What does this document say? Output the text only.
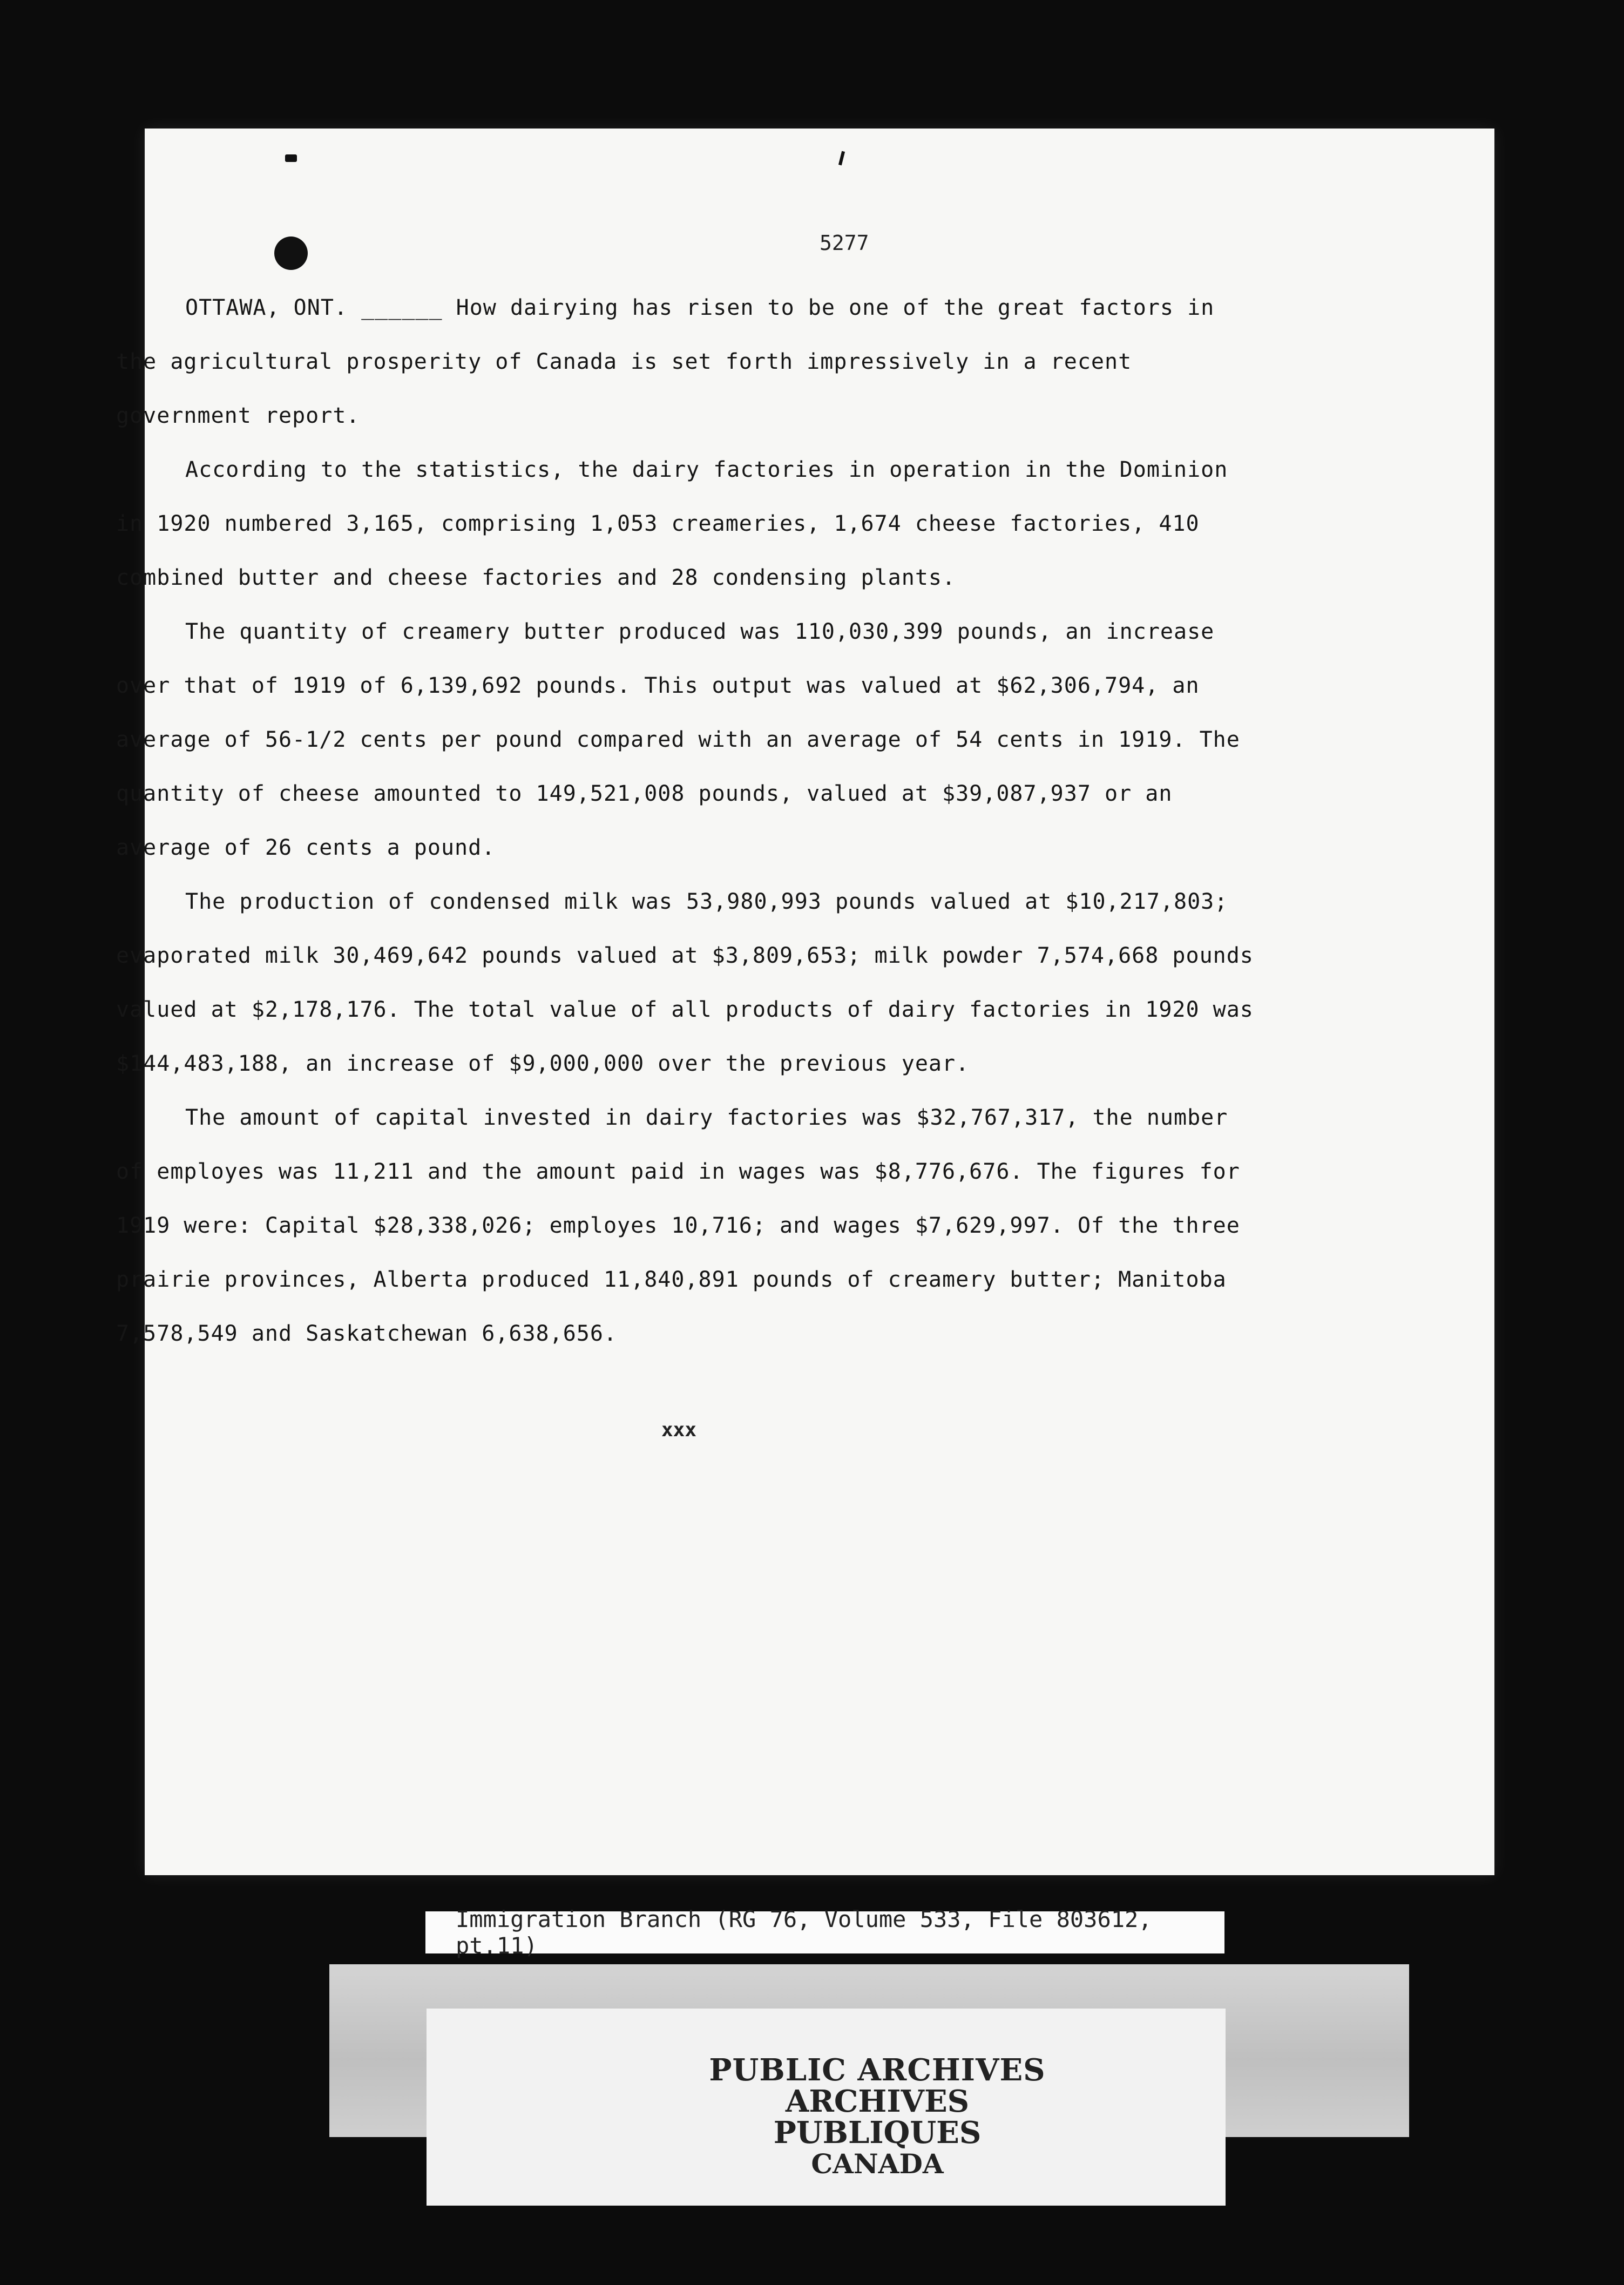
5277

OTTAWA, ONT. ______ How dairying has risen to be one of the great factors in the agricultural prosperity of Canada is set forth impressively in a recent government report.

According to the statistics, the dairy factories in operation in the Dominion in 1920 numbered 3,165, comprising 1,053 creameries, 1,674 cheese factories, 410 combined butter and cheese factories and 28 condensing plants.

The quantity of creamery butter produced was 110,030,399 pounds, an increase over that of 1919 of 6,139,692 pounds. This output was valued at $62,306,794, an average of 56-1/2 cents per pound compared with an average of 54 cents in 1919. The quantity of cheese amounted to 149,521,008 pounds, valued at $39,087,937 or an average of 26 cents a pound.

The production of condensed milk was 53,980,993 pounds valued at $10,217,803; evaporated milk 30,469,642 pounds valued at $3,809,653; milk powder 7,574,668 pounds valued at $2,178,176. The total value of all products of dairy factories in 1920 was $144,483,188, an increase of $9,000,000 over the previous year.

The amount of capital invested in dairy factories was $32,767,317, the number of employes was 11,211 and the amount paid in wages was $8,776,676. The figures for 1919 were: Capital $28,338,026; employes 10,716; and wages $7,629,997. Of the three prairie provinces, Alberta produced 11,840,891 pounds of creamery butter; Manitoba 7,578,549 and Saskatchewan 6,638,656.

xxx
Immigration Branch (RG 76, Volume 533, File 803612, pt.11)
PUBLIC ARCHIVES
ARCHIVES PUBLIQUES
CANADA
